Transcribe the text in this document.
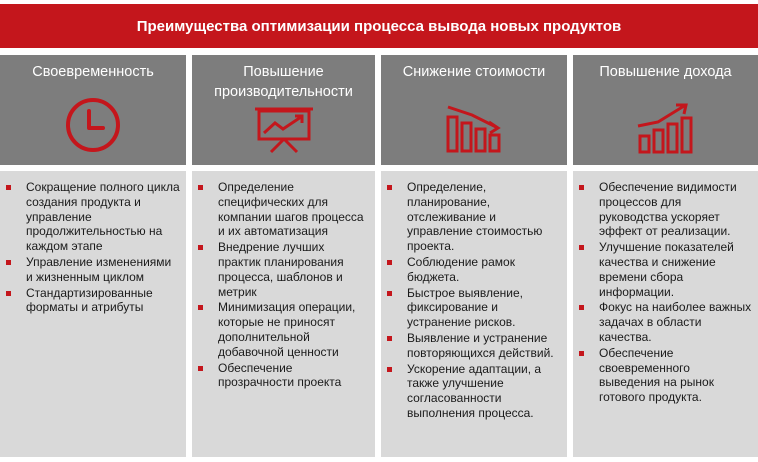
Преимущества оптимизации процесса вывода новых продуктов
Своевременность
Сокращение полного цикла создания продукта и управление продолжительностью на каждом этапе
Управление изменениями и жизненным циклом
Стандартизированные форматы и атрибуты
Повышение производительности
Определение специфических для компании шагов процесса и их автоматизация
Внедрение лучших практик планирования процесса, шаблонов и метрик
Минимизация операции, которые не приносят дополнительной добавочной ценности
Обеспечение прозрачности проекта
Снижение стоимости
Определение, планирование, отслеживание и управление стоимостью проекта.
Соблюдение рамок бюджета.
Быстрое выявление, фиксирование и устранение рисков.
Выявление и устранение повторяющихся действий.
Ускорение адаптации, а также улучшение согласованности выполнения процесса.
Повышение дохода
Обеспечение видимости процессов для руководства ускоряет эффект от реализации.
Улучшение показателей качества и снижение времени сбора информации.
Фокус на наиболее важных задачах в области качества.
Обеспечение своевременного выведения на рынок готового продукта.
